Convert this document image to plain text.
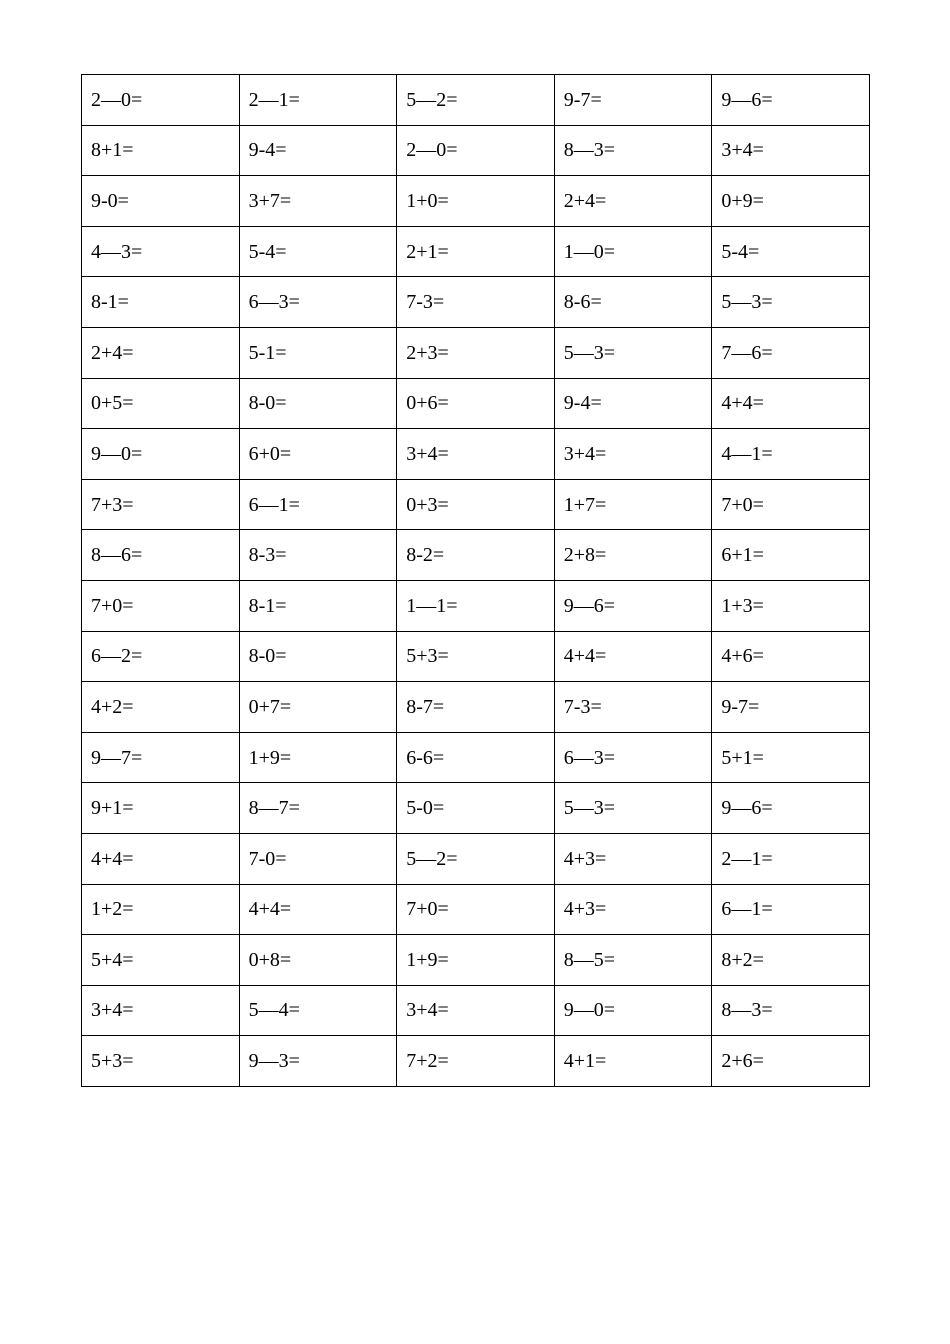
2—0=	2—1=	5—2=	9-7=	9—6=
8+1=	9-4=	2—0=	8—3=	3+4=
9-0=	3+7=	1+0=	2+4=	0+9=
4—3=	5-4=	2+1=	1—0=	5-4=
8-1=	6—3=	7-3=	8-6=	5—3=
2+4=	5-1=	2+3=	5—3=	7—6=
0+5=	8-0=	0+6=	9-4=	4+4=
9—0=	6+0=	3+4=	3+4=	4—1=
7+3=	6—1=	0+3=	1+7=	7+0=
8—6=	8-3=	8-2=	2+8=	6+1=
7+0=	8-1=	1—1=	9—6=	1+3=
6—2=	8-0=	5+3=	4+4=	4+6=
4+2=	0+7=	8-7=	7-3=	9-7=
9—7=	1+9=	6-6=	6—3=	5+1=
9+1=	8—7=	5-0=	5—3=	9—6=
4+4=	7-0=	5—2=	4+3=	2—1=
1+2=	4+4=	7+0=	4+3=	6—1=
5+4=	0+8=	1+9=	8—5=	8+2=
3+4=	5—4=	3+4=	9—0=	8—3=
5+3=	9—3=	7+2=	4+1=	2+6=
